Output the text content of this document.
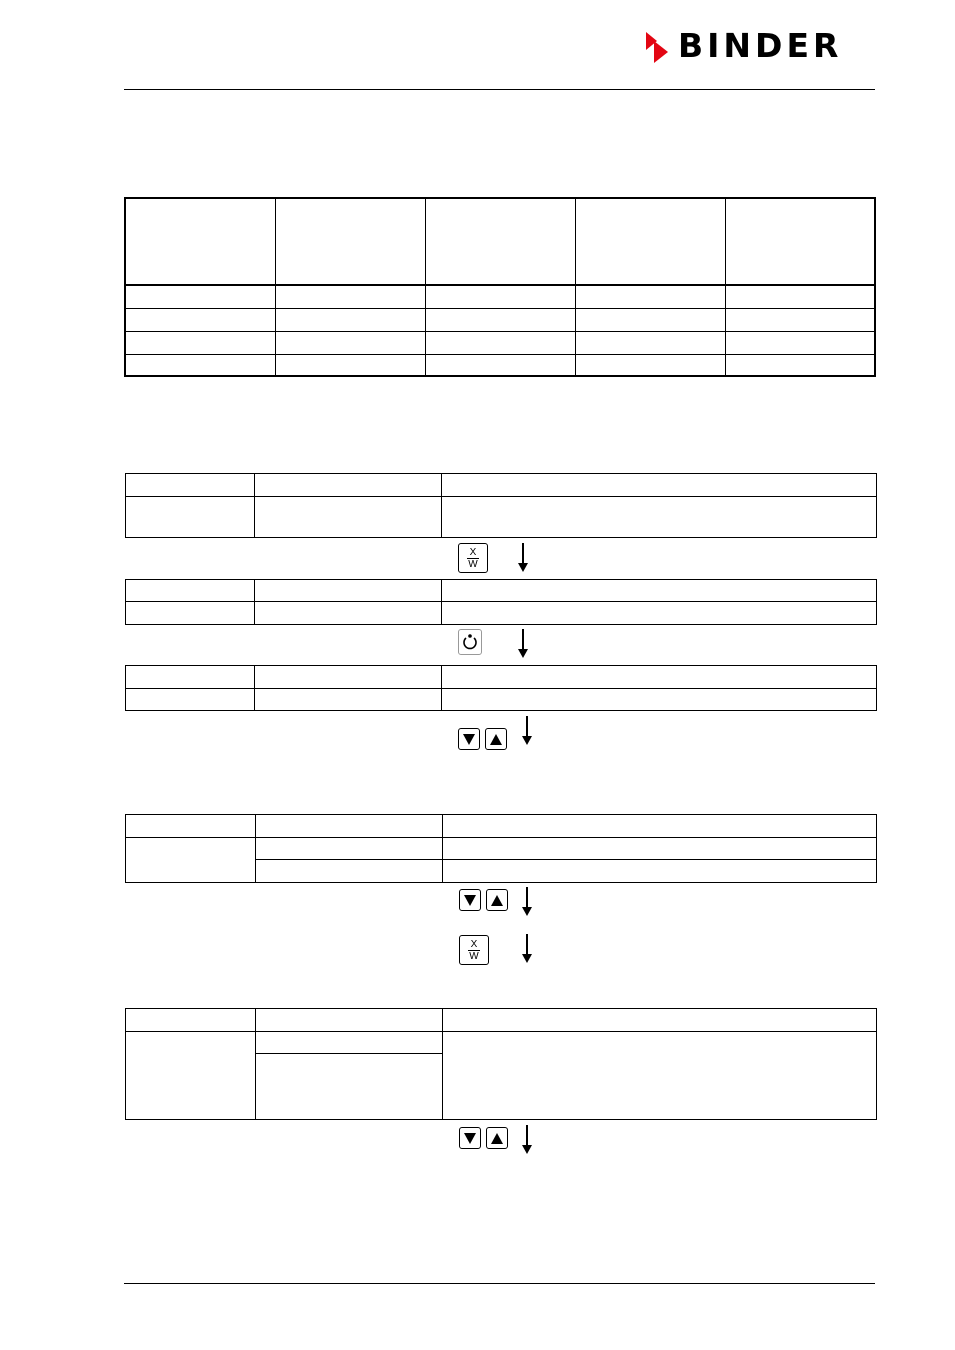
BINDER

X
W

X
W
